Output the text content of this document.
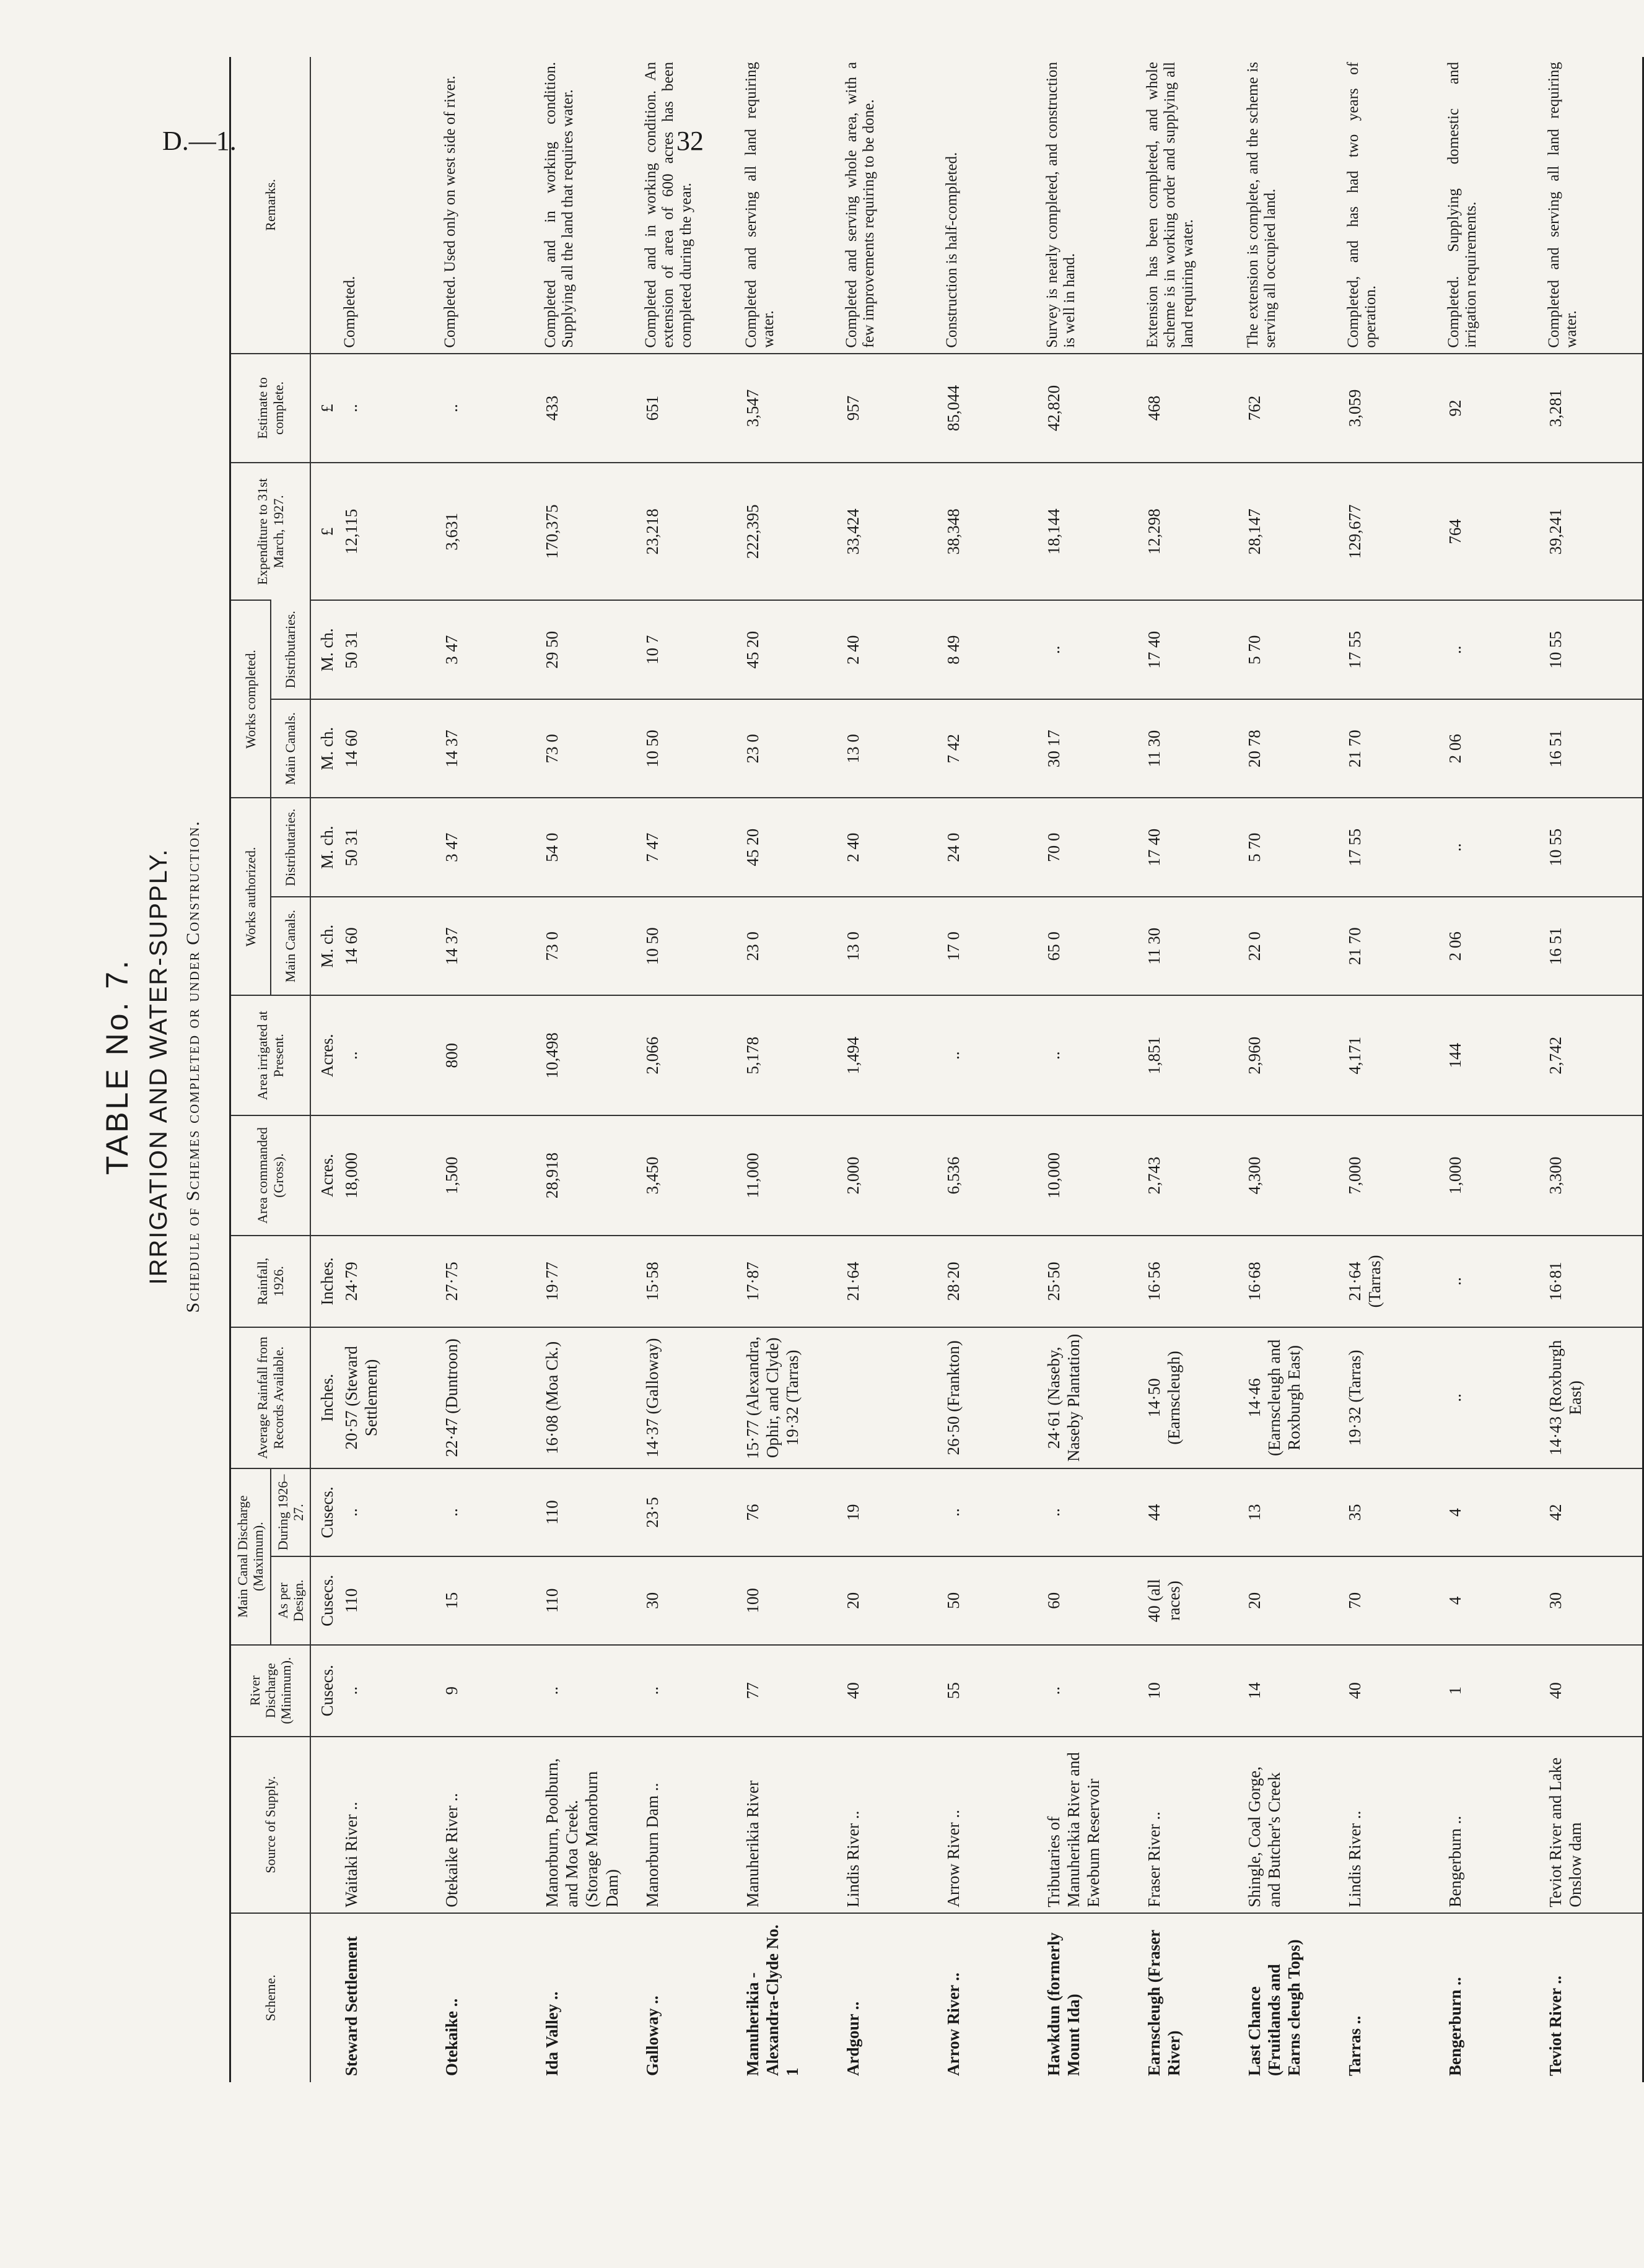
D.—1.	32
TABLE No. 7. IRRIGATION AND WATER-SUPPLY. Schedule of Schemes completed or under Construction.
Scheme.	Source of Supply.	River Discharge (Minimum).	Main Canal Discharge (Maximum).		Average Rainfall from Records Available.	Rainfall, 1926.	Area commanded (Gross).	Area irrigated at Present.	Works authorized.		Works completed.		Expenditure to 31st March, 1927.	Estimate to complete.	Remarks.
			As per Design.	During 1926–27.					Main Canals.	Distributaries.	Main Canals.	Distributaries.			
		Cusecs.	Cusecs.	Cusecs.	Inches.	Inches.	Acres.	Acres.	M. ch.	M. ch.	M. ch.	M. ch.	£	£	
Steward Settlement	Waitaki River ..	..	110	..	20·57 (Steward Settlement)	24·79	18,000	..	14 60	50 31	14 60	50 31	12,115	..	Completed.
Otekaike ..	Otekaike River ..	9	15	..	22·47 (Duntroon)	27·75	1,500	800	14 37	3 47	14 37	3 47	3,631	..	Completed. Used only on west side of river.
Ida Valley ..	Manorburn, Poolburn, and Moa Creek. (Storage Manorburn Dam)	..	110	110	16·08 (Moa Ck.)	19·77	28,918	10,498	73 0	54 0	73 0	29 50	170,375	433	Completed and in working condition. Supplying all the land that requires water.
Galloway ..	Manorburn Dam ..	..	30	23·5	14·37 (Galloway)	15·58	3,450	2,066	10 50	7 47	10 50	10 7	23,218	651	Completed and in working condition. An extension of area of 600 acres has been completed during the year.
Manuherikia - Alexandra-Clyde No. 1	Manuherikia River	77	100	76	15·77 (Alexandra, Ophir, and Clyde) 19·32 (Tarras)	17·87	11,000	5,178	23 0	45 20	23 0	45 20	222,395	3,547	Completed and serving all land requiring water.
Ardgour ..	Lindis River ..	40	20	19		21·64	2,000	1,494	13 0	2 40	13 0	2 40	33,424	957	Completed and serving whole area, with a few improvements requiring to be done.
Arrow River ..	Arrow River ..	55	50	..	26·50 (Frankton)	28·20	6,536	..	17 0	24 0	7 42	8 49	38,348	85,044	Construction is half-completed.
Hawkdun (formerly Mount Ida)	Tributaries of Manuherikia River and Ewebum Reservoir	..	60	..	24·61 (Naseby, Naseby Plantation)	25·50	10,000	..	65 0	70 0	30 17	..	18,144	42,820	Survey is nearly completed, and construction is well in hand.
Earnscleugh (Fraser River)	Fraser River ..	10	40 (all races)	44	14·50 (Earnscleugh)	16·56	2,743	1,851	11 30	17 40	11 30	17 40	12,298	468	Extension has been completed, and whole scheme is in working order and supplying all land requiring water.
Last Chance (Fruitlands and Earns cleugh Tops)	Shingle, Coal Gorge, and Butcher's Creek	14	20	13	14·46 (Earnscleugh and Roxburgh East)	16·68	4,300	2,960	22 0	5 70	20 78	5 70	28,147	762	The extension is complete, and the scheme is serving all occupied land.
Tarras ..	Lindis River ..	40	70	35	19·32 (Tarras)	21·64 (Tarras)	7,000	4,171	21 70	17 55	21 70	17 55	129,677	3,059	Completed, and has had two years of operation.
Bengerburn ..	Bengerburn ..	1	4	4	..	..	1,000	144	2 06	..	2 06	..	764	92	Completed. Supplying domestic and irrigation requirements.
Teviot River ..	Teviot River and Lake Onslow dam	40	30	42	14·43 (Roxburgh East)	16·81	3,300	2,742	16 51	10 55	16 51	10 55	39,241	3,281	Completed and serving all land requiring water.
